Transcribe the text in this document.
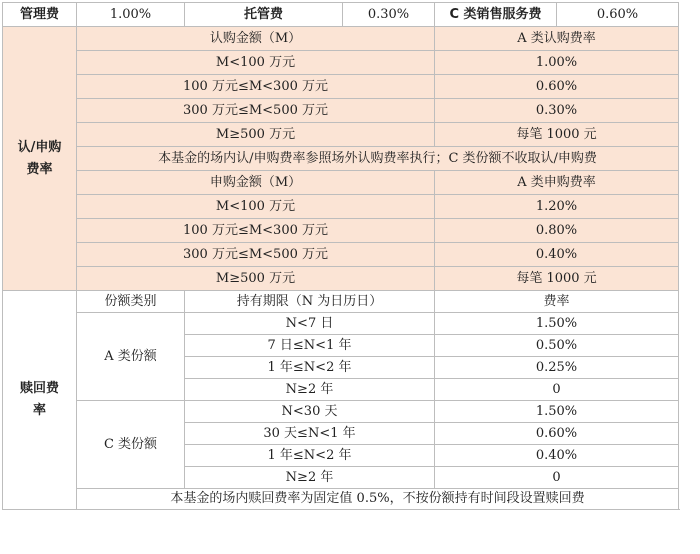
管理费	1.00%	托管费	0.30%	C 类销售服务费	0.60%
认/申购
费率	认购金额（M）			A 类认购费率	
	M<100 万元			1.00%	
	100 万元≤M<300 万元			0.60%	
	300 万元≤M<500 万元			0.30%	
	M≥500 万元			每笔 1000 元	
	本基金的场内认/申购费率参照场外认购费率执行；C 类份额不收取认/申购费				
	申购金额（M）			A 类申购费率	
	M<100 万元			1.20%	
	100 万元≤M<300 万元			0.80%	
	300 万元≤M<500 万元			0.40%	
	M≥500 万元			每笔 1000 元	
赎回费
率	份额类别	持有期限（N 为日历日）		费率	
	A 类份额	N<7 日		1.50%	
		7 日≤N<1 年		0.50%	
		1 年≤N<2 年		0.25%	
		N≥2 年		0	
	C 类份额	N<30 天		1.50%	
		30 天≤N<1 年		0.60%	
		1 年≤N<2 年		0.40%	
		N≥2 年		0	
	本基金的场内赎回费率为固定值 0.5%，不按份额持有时间段设置赎回费				
